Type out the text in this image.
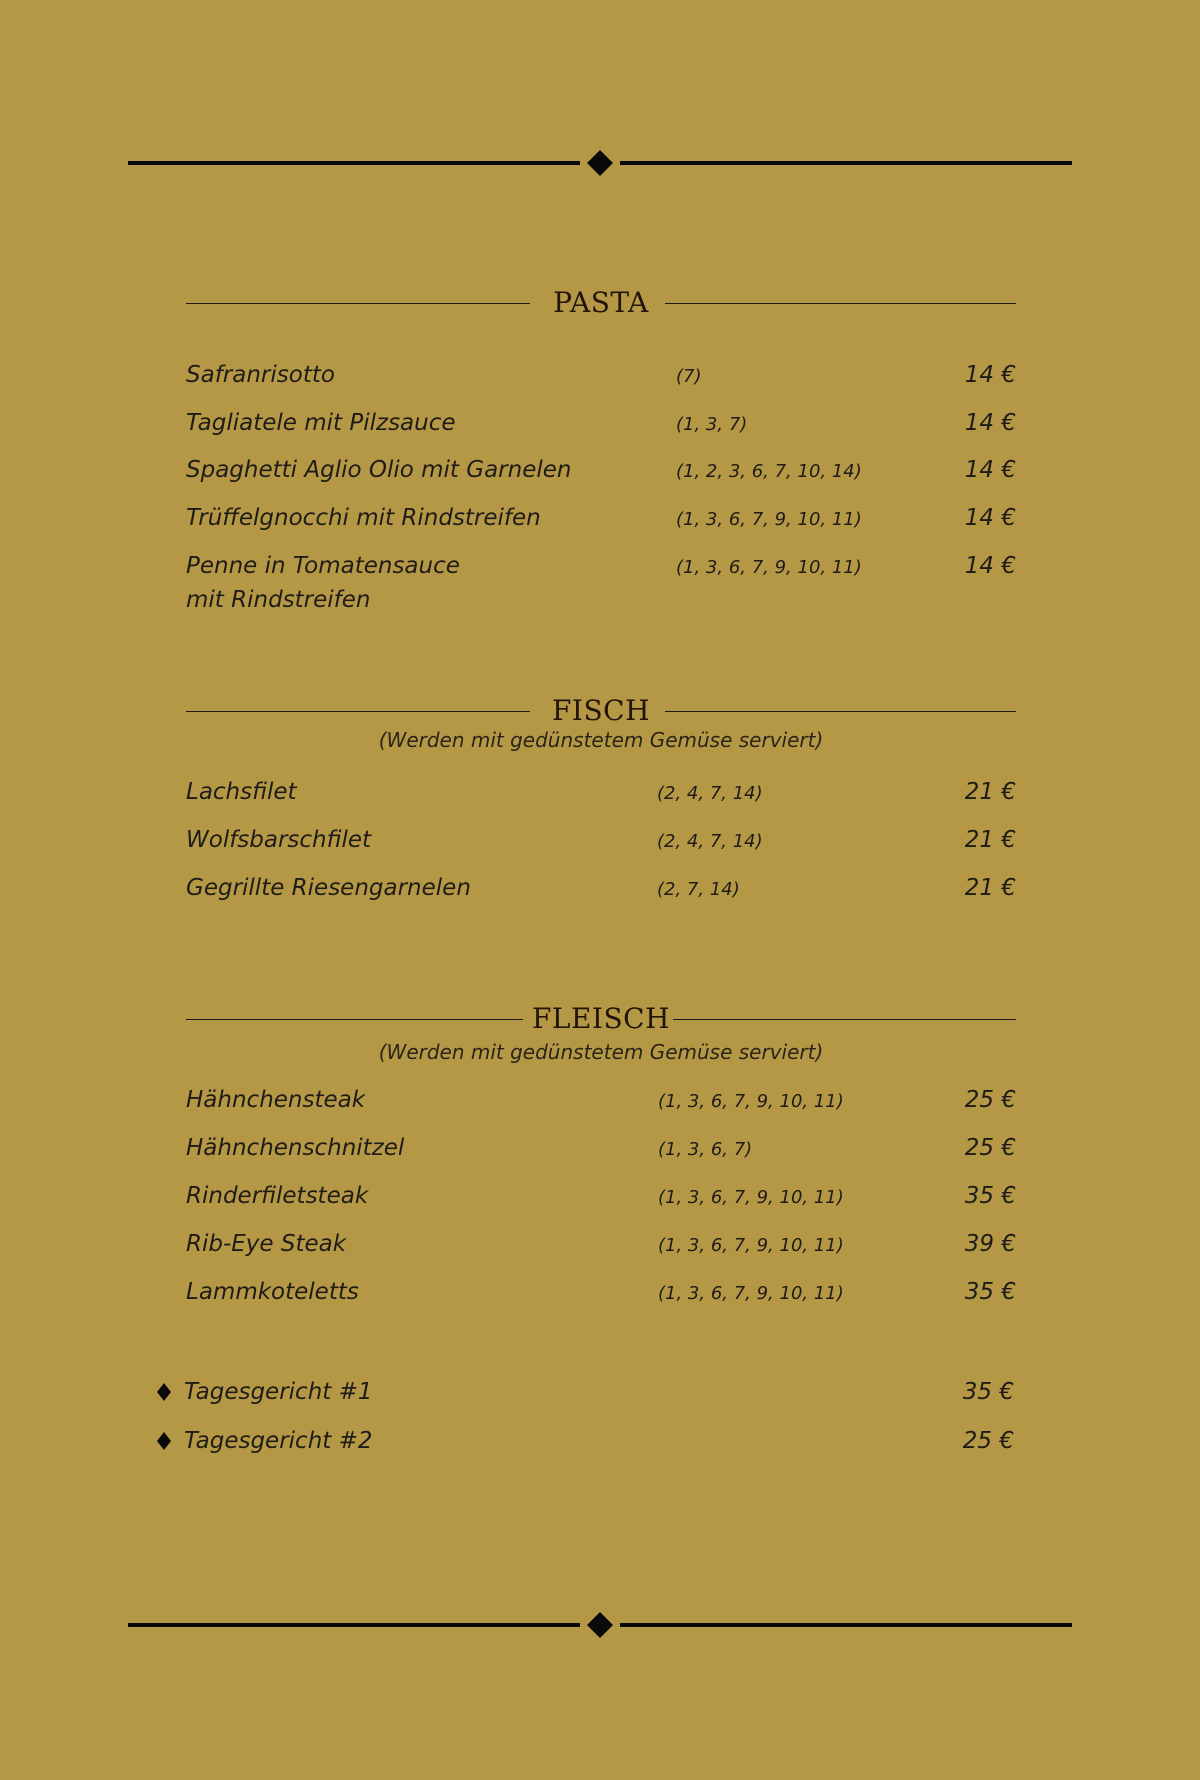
PASTA
Safranrisotto	(7)	14 €
Tagliatele mit Pilzsauce	(1, 3, 7)	14 €
Spaghetti Aglio Olio mit Garnelen	(1, 2, 3, 6, 7, 10, 14)	14 €
Trüffelgnocchi mit Rindstreifen	(1, 3, 6, 7, 9, 10, 11)	14 €
Penne in Tomatensauce
mit Rindstreifen
(1, 3, 6, 7, 9, 10, 11)	14 €
FISCH
(Werden mit gedünstetem Gemüse serviert)
Lachsfilet	(2, 4, 7, 14)	21 €
Wolfsbarschfilet	(2, 4, 7, 14)	21 €
Gegrillte Riesengarnelen	(2, 7, 14)	21 €
FLEISCH
(Werden mit gedünstetem Gemüse serviert)
Hähnchensteak	(1, 3, 6, 7, 9, 10, 11)	25 €
Hähnchenschnitzel	(1, 3, 6, 7)	25 €
Rinderfiletsteak	(1, 3, 6, 7, 9, 10, 11)	35 €
Rib-Eye Steak	(1, 3, 6, 7, 9, 10, 11)	39 €
Lammkoteletts	(1, 3, 6, 7, 9, 10, 11)	35 €
Tagesgericht #1	35 €
Tagesgericht #2	25 €
